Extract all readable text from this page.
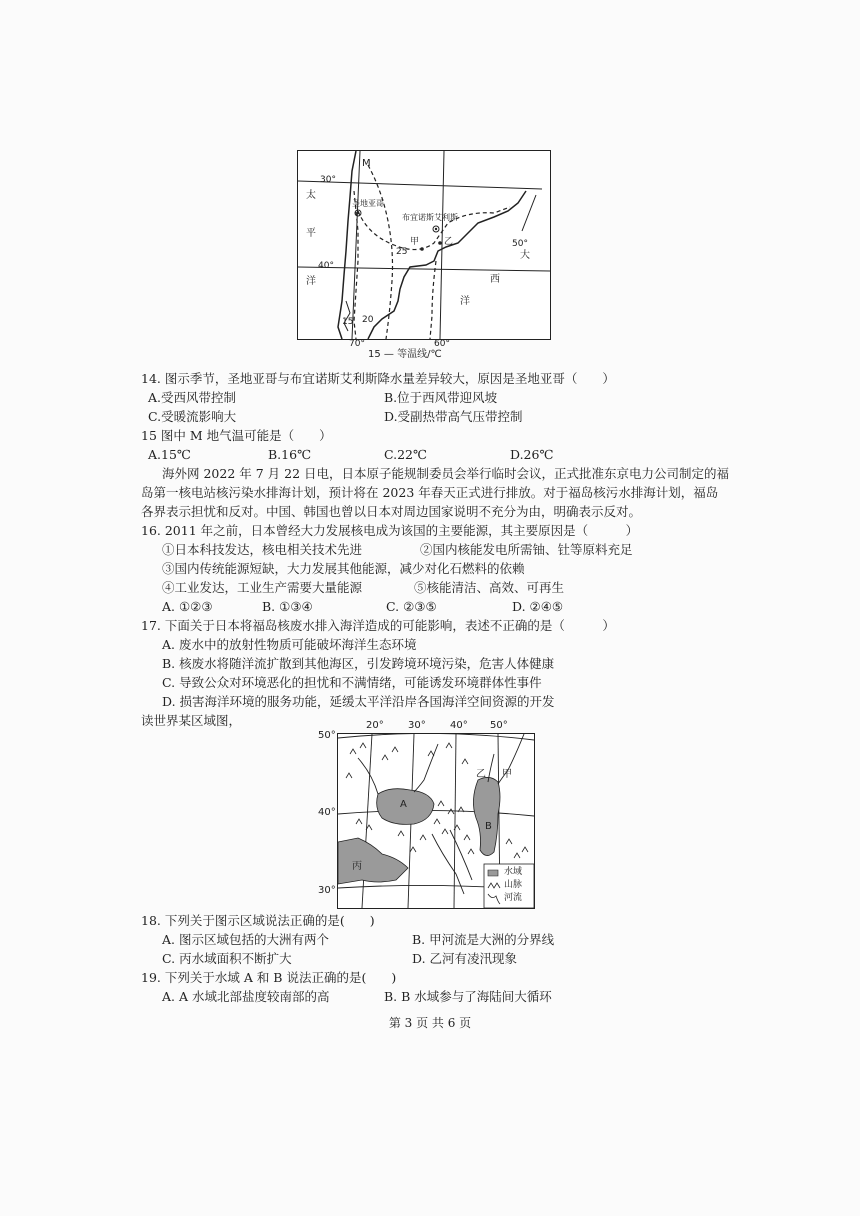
30°
40°
M
太
平
洋
圣地亚哥
布宜诺斯艾利斯
甲	乙
25
20
15
50°
大
西
洋
70°	60°
15 — 等温线/℃
14. 图示季节，圣地亚哥与布宜诺斯艾利斯降水量差异较大，原因是圣地亚哥（　　）
A.受西风带控制	B.位于西风带迎风坡
C.受暖流影响大	D.受副热带高气压带控制
15 图中 M 地气温可能是（　　）
A.15℃	B.16℃	C.22℃	D.26℃
海外网 2022 年 7 月 22 日电，日本原子能规制委员会举行临时会议，正式批准东京电力公司制定的福
岛第一核电站核污染水排海计划，预计将在 2023 年春天正式进行排放。对于福岛核污水排海计划，福岛
各界表示担忧和反对。中国、韩国也曾以日本对周边国家说明不充分为由，明确表示反对。
16. 2011 年之前，日本曾经大力发展核电成为该国的主要能源，其主要原因是（　　　）
①日本科技发达，核电相关技术先进	②国内核能发电所需铀、钍等原料充足
③国内传统能源短缺，大力发展其他能源，减少对化石燃料的依赖
④工业发达，工业生产需要大量能源	⑤核能清洁、高效、可再生
A. ①②③	B. ①③④	C. ②③⑤	D. ②④⑤
17. 下面关于日本将福岛核废水排入海洋造成的可能影响，表述不正确的是（　　　）
A. 废水中的放射性物质可能破坏海洋生态环境
B. 核废水将随洋流扩散到其他海区，引发跨境环境污染，危害人体健康
C. 导致公众对环境恶化的担忧和不满情绪，可能诱发环境群体性事件
D. 损害海洋环境的服务功能，延缓太平洋沿岸各国海洋空间资源的开发
读世界某区域图，	20° 30° 40° 50°
50°
40°
30°
乙 甲
A
B
丙	水域
山脉
河流
18. 下列关于图示区域说法正确的是(　　)
A. 图示区域包括的大洲有两个	B. 甲河流是大洲的分界线
C. 丙水域面积不断扩大	D. 乙河有凌汛现象
19. 下列关于水域 A 和 B 说法正确的是(　　)
A. A 水域北部盐度较南部的高	B. B 水域参与了海陆间大循环
第 3 页 共 6 页
